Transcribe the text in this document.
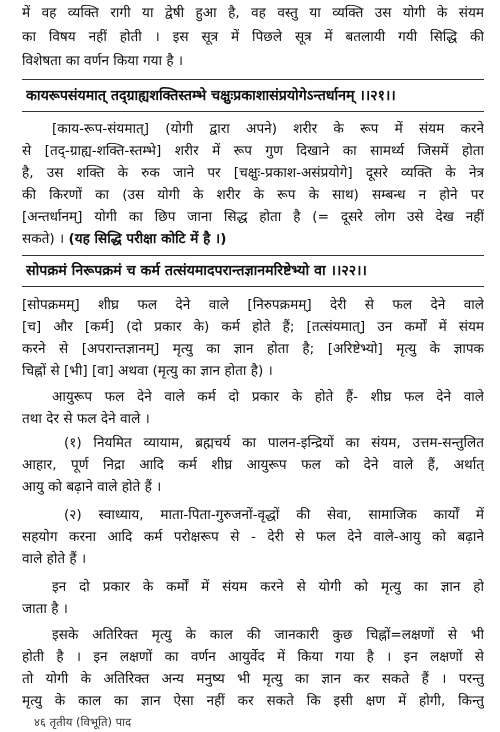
में वह व्यक्ति रागी या द्वेषी हुआ है, वह वस्तु या व्यक्ति उस योगी के संयम
का विषय नहीं होती । इस सूत्र में पिछले सूत्र में बतलायी गयी सिद्धि की
विशेषता का वर्णन किया गया है ।
कायरूपसंयमात् तद्ग्राह्यशक्तिस्तम्भे चक्षुःप्रकाशासंप्रयोगेऽन्तर्धानम् ।।२१।।
[काय-रूप-संयमात्] (योगी द्वारा अपने) शरीर के रूप में संयम करने
से [तद्-ग्राह्य-शक्ति-स्तम्भे] शरीर में रूप गुण दिखाने का सामर्थ्य जिसमें होता
है, उस शक्ति के रुक जाने पर [चक्षुः-प्रकाश-असंप्रयोगे] दूसरे व्यक्ति के नेत्र
की किरणों का (उस योगी के शरीर के रूप के साथ) सम्बन्ध न होने पर
[अन्तर्धानम्] योगी का छिप जाना सिद्ध होता है (= दूसरे लोग उसे देख नहीं
सकते) । (यह सिद्धि परीक्षा कोटि में है ।)
सोपक्रमं निरूपक्रमं च कर्म तत्संयमादपरान्तज्ञानमरिष्टेभ्यो वा ।।२२।।
[सोपक्रमम्] शीघ्र फल देने वाले [निरुपक्रमम्] देरी से फल देने वाले
[च] और [कर्म] (दो प्रकार के) कर्म होते हैं; [तत्संयमात्] उन कर्मों में संयम
करने से [अपरान्तज्ञानम्] मृत्यु का ज्ञान होता है; [अरिष्टेभ्यो] मृत्यु के ज्ञापक
चिह्नों से [भी] [वा] अथवा (मृत्यु का ज्ञान होता है) ।
आयुरूप फल देने वाले कर्म दो प्रकार के होते हैं- शीघ्र फल देने वाले
तथा देर से फल देने वाले ।
(१) नियमित व्यायाम, ब्रह्मचर्य का पालन-इन्द्रियों का संयम, उत्तम-सन्तुलित
आहार, पूर्ण निद्रा आदि कर्म शीघ्र आयुरूप फल को देने वाले हैं, अर्थात्
आयु को बढ़ाने वाले होते हैं ।
(२) स्वाध्याय, माता-पिता-गुरुजनों-वृद्धों की सेवा, सामाजिक कार्यों में
सहयोग करना आदि कर्म परोक्षरूप से - देरी से फल देने वाले-आयु को बढ़ाने
वाले होते हैं ।
इन दो प्रकार के कर्मों में संयम करने से योगी को मृत्यु का ज्ञान हो
जाता है ।
इसके अतिरिक्त मृत्यु के काल की जानकारी कुछ चिह्नों=लक्षणों से भी
होती है । इन लक्षणों का वर्णन आयुर्वेद में किया गया है । इन लक्षणों से
तो योगी के अतिरिक्त अन्य मनुष्य भी मृत्यु का ज्ञान कर सकते हैं । परन्तु
मृत्यु के काल का ज्ञान ऐसा नहीं कर सकते कि इसी क्षण में होगी, किन्तु
४६ तृतीय (विभूति) पाद
